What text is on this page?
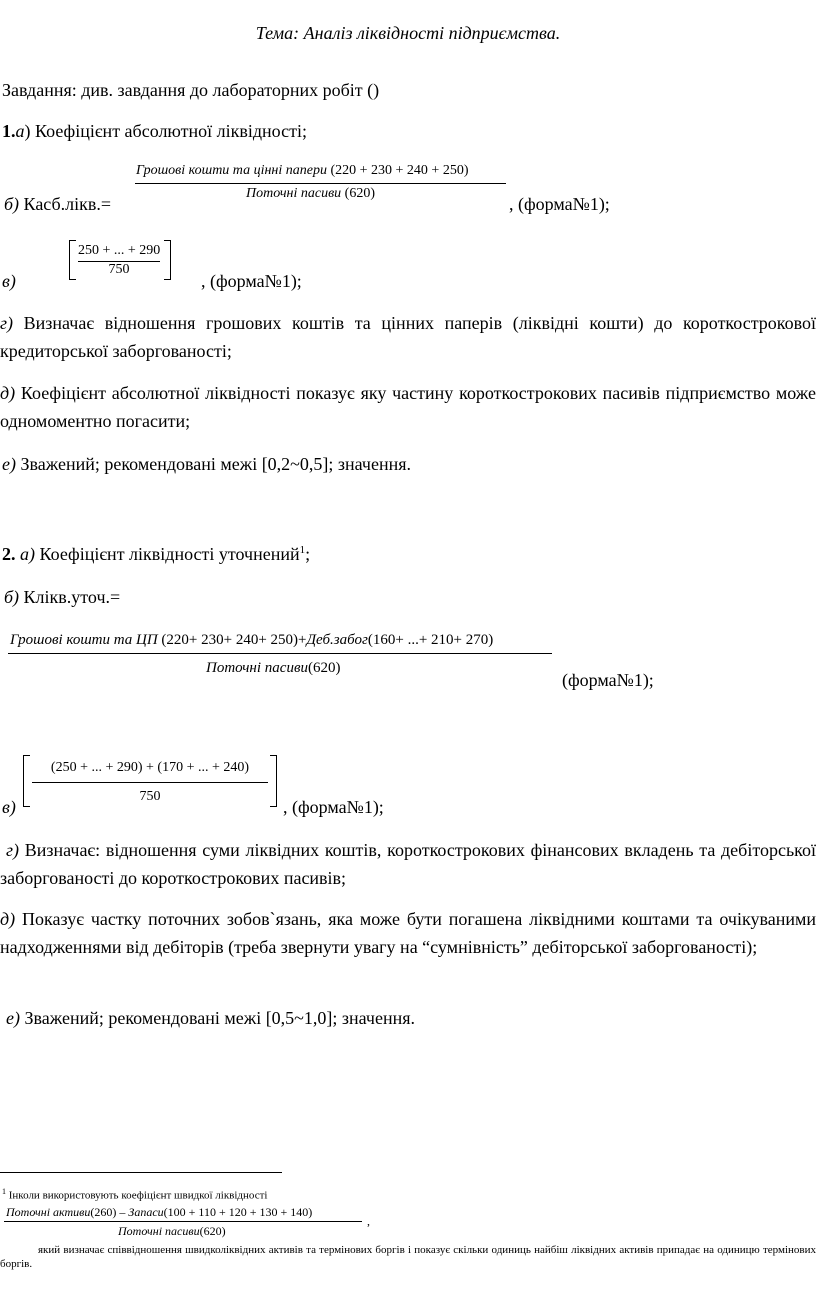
Тема: Аналіз ліквідності підприємства.
Завдання: див. завдання до лабораторних робіт ()
1.а) Коефіцієнт абсолютної ліквідності;
Грошові кошти та цінні папери (220 + 230 + 240 + 250)
Поточні пасиви (620)
б) Касб.лікв.=	, (форма№1);
250 + ... + 290
750
в)	, (форма№1);
г) Визначає відношення грошових коштів та цінних паперів (ліквідні кошти) до короткострокової кредиторської заборгованості;
д) Коефіцієнт абсолютної ліквідності показує яку частину короткострокових пасивів підприємство може одномоментно погасити;
е) Зважений; рекомендовані межі [0,2~0,5]; значення.
2. а) Коефіцієнт ліквідності уточнений$^1$;
б) Клікв.уточ.=
Грошові кошти та ЦП (220+ 230+ 240+ 250)+Деб.забог(160+ ...+ 210+ 270)
Поточні пасиви(620)
(форма№1);
(250 + ... + 290) + (170 + ... + 240)
750
в)	, (форма№1);
г) Визначає: відношення суми ліквідних коштів, короткострокових фінансових вкладень та дебіторської заборгованості до короткострокових пасивів;
д) Показує частку поточних зобов`язань, яка може бути погашена ліквідними коштами та очікуваними надходженнями від дебіторів (треба звернути увагу на “сумнівність” дебіторської заборгованості);
е) Зважений; рекомендовані межі [0,5~1,0]; значення.
$^1$ Інколи використовують коефіцієнт швидкої ліквідності
Поточні активи(260) – Запаси(100 + 110 + 120 + 130 + 140)
Поточні пасиви(620)
,
який визначає співвідношення швидколіквідних активів та термінових боргів і показує скільки одиниць найбіш ліквідних активів припадає на одиницю термінових боргів.
